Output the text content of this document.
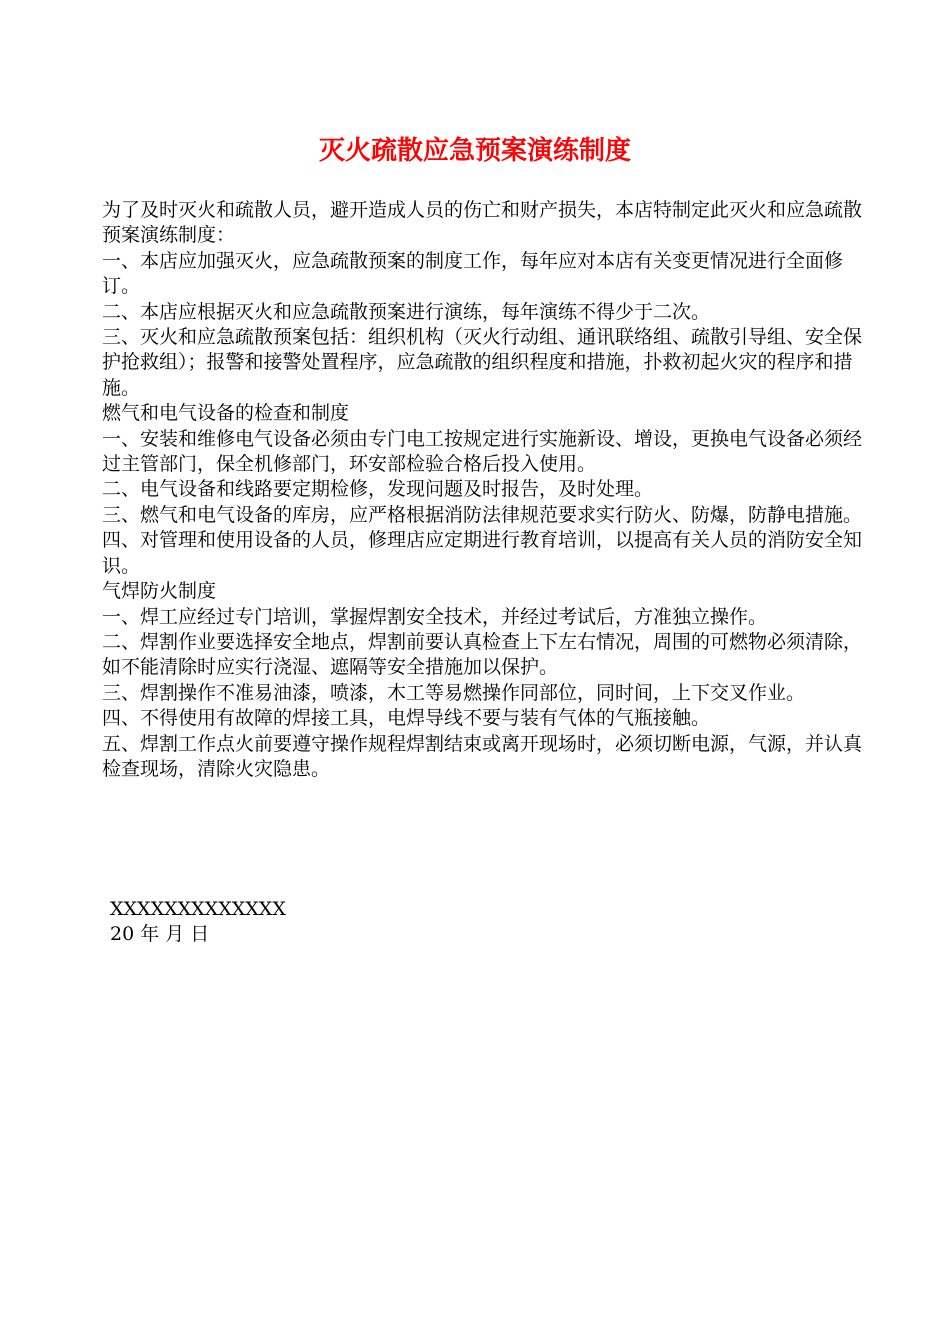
灭火疏散应急预案演练制度

为了及时灭火和疏散人员，避开造成人员的伤亡和财产损失，本店特制定此灭火和应急疏散预案演练制度：

一、本店应加强灭火，应急疏散预案的制度工作，每年应对本店有关变更情况进行全面修订。

二、本店应根据灭火和应急疏散预案进行演练，每年演练不得少于二次。

三、灭火和应急疏散预案包括：组织机构（灭火行动组、通讯联络组、疏散引导组、安全保护抢救组）；报警和接警处置程序，应急疏散的组织程度和措施，扑救初起火灾的程序和措施。

燃气和电气设备的检查和制度

一、安装和维修电气设备必须由专门电工按规定进行实施新设、增设，更换电气设备必须经过主管部门，保全机修部门，环安部检验合格后投入使用。

二、电气设备和线路要定期检修，发现问题及时报告，及时处理。

三、燃气和电气设备的库房，应严格根据消防法律规范要求实行防火、防爆，防静电措施。

四、对管理和使用设备的人员，修理店应定期进行教育培训，以提高有关人员的消防安全知识。

气焊防火制度

一、焊工应经过专门培训，掌握焊割安全技术，并经过考试后，方准独立操作。

二、焊割作业要选择安全地点，焊割前要认真检查上下左右情况，周围的可燃物必须清除，如不能清除时应实行浇湿、遮隔等安全措施加以保护。

三、焊割操作不准易油漆，喷漆，木工等易燃操作同部位，同时间，上下交叉作业。

四、不得使用有故障的焊接工具，电焊导线不要与装有气体的气瓶接触。

五、焊割工作点火前要遵守操作规程焊割结束或离开现场时，必须切断电源，气源，并认真检查现场，清除火灾隐患。

XXXXXXXXXXXXX
20 年 月 日
